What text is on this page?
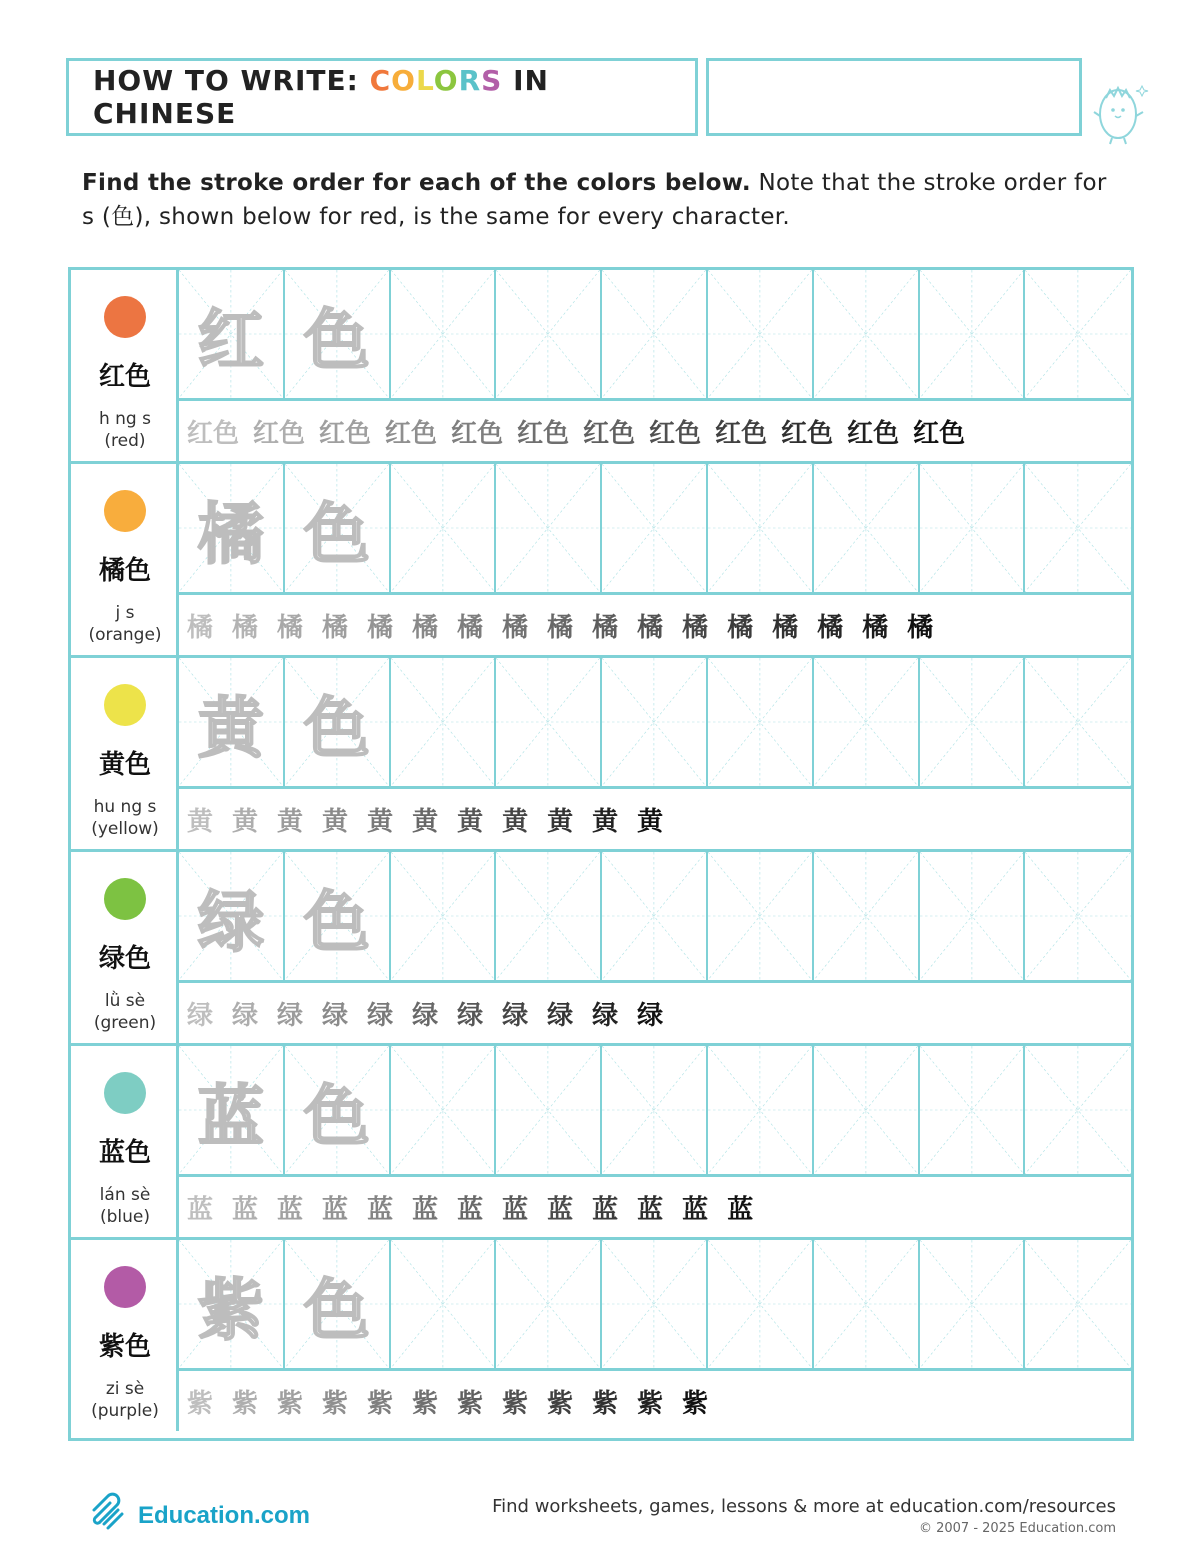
HOW TO WRITE: COLORS IN CHINESE
Find the stroke order for each of the colors below. Note that the stroke order for s (色), shown below for red, is the same for every character.
红色
h ng s
(red)
红 色
红色 红色 红色 红色 红色 红色 红色 红色 红色 红色 红色 红色
橘色
j s
(orange)
橘 色
橘 橘 橘 橘 橘 橘 橘 橘 橘 橘 橘 橘 橘 橘 橘 橘 橘
黄色
hu ng s
(yellow)
黄 色
黄 黄 黄 黄 黄 黄 黄 黄 黄 黄 黄
绿色
lǜ sè
(green)
绿 色
绿 绿 绿 绿 绿 绿 绿 绿 绿 绿 绿
蓝色
lán sè
(blue)
蓝 色
蓝 蓝 蓝 蓝 蓝 蓝 蓝 蓝 蓝 蓝 蓝 蓝 蓝
紫色
zi sè
(purple)
紫 色
紫 紫 紫 紫 紫 紫 紫 紫 紫 紫 紫 紫
Education.com	Find worksheets, games, lessons & more at education.com/resources
© 2007 - 2025 Education.com
